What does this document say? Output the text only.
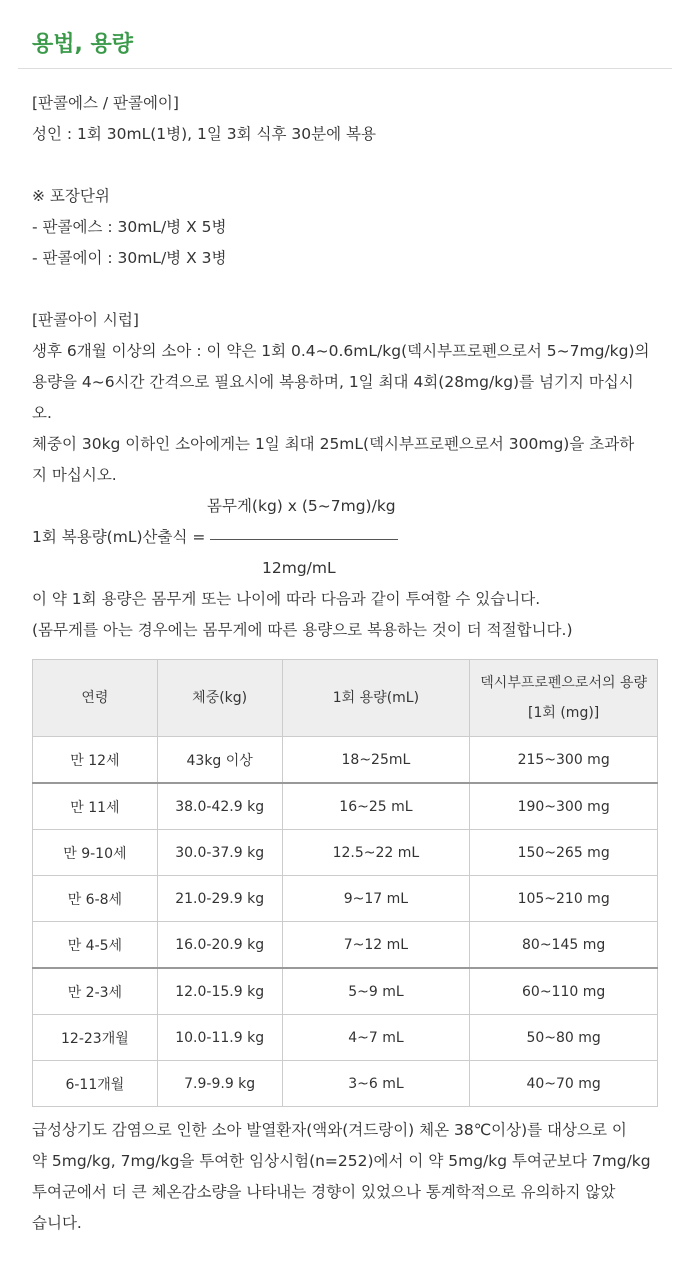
용법, 용량
[판콜에스 / 판콜에이]
성인 : 1회 30mL(1병), 1일 3회 식후 30분에 복용
※ 포장단위
- 판콜에스 : 30mL/병 X 5병
- 판콜에이 : 30mL/병 X 3병
[판콜아이 시럽]
생후 6개월 이상의 소아 : 이 약은 1회 0.4~0.6mL/kg(덱시부프로펜으로서 5~7mg/kg)의
용량을 4~6시간 간격으로 필요시에 복용하며, 1일 최대 4회(28mg/kg)를 넘기지 마십시
오.
체중이 30kg 이하인 소아에게는 1일 최대 25mL(덱시부프로펜으로서 300mg)을 초과하
지 마십시오.
몸무게(kg) x (5~7mg)/kg
1회 복용량(mL)산출식 =
12mg/mL
이 약 1회 용량은 몸무게 또는 나이에 따라 다음과 같이 투여할 수 있습니다.
(몸무게를 아는 경우에는 몸무게에 따른 용량으로 복용하는 것이 더 적절합니다.)
연령	체중(kg)	1회 용량(mL)	덱시부프로펜으로서의 용량
[1회 (mg)]

만 12세	43kg 이상	18~25mL	215~300 mg
만 11세	38.0-42.9 kg	16~25 mL	190~300 mg
만 9-10세	30.0-37.9 kg	12.5~22 mL	150~265 mg
만 6-8세	21.0-29.9 kg	9~17 mL	105~210 mg
만 4-5세	16.0-20.9 kg	7~12 mL	80~145 mg
만 2-3세	12.0-15.9 kg	5~9 mL	60~110 mg
12-23개월	10.0-11.9 kg	4~7 mL	50~80 mg
6-11개월	7.9-9.9 kg	3~6 mL	40~70 mg
급성상기도 감염으로 인한 소아 발열환자(액와(겨드랑이) 체온 38℃이상)를 대상으로 이
약 5mg/kg, 7mg/kg을 투여한 임상시험(n=252)에서 이 약 5mg/kg 투여군보다 7mg/kg
투여군에서 더 큰 체온감소량을 나타내는 경향이 있었으나 통계학적으로 유의하지 않았
습니다.
